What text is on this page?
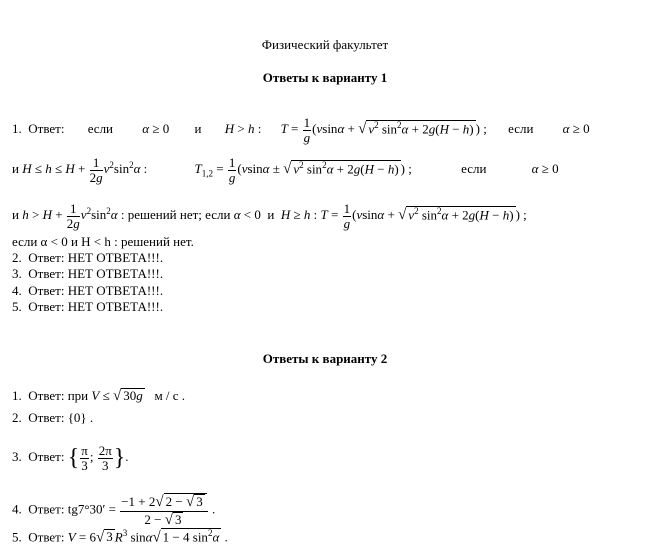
Физический факультет
Ответы к варианту 1
1. Ответ: если α ≥ 0 и H > h : $T = \frac{1}{g} (vsin\alpha$ + √ $v^2$ $\sin^2\alpha + 2g(H - h)$ ) ; если α ≥ 0
и $H \le h \le H + \frac{1}{2g} v^2\sin^2\alpha$ :	$T_{1,2} = \frac{1}{g} (vsin\alpha$ ± √ $v^2$ $\sin^2\alpha + 2g(H - h)$ ) ;	если	α ≥ 0
и $h > H + \frac{1}{2g} v^2\sin^2\alpha$ : решений нет; если α < 0  и H ≥ h : $T = \frac{1}{g} (vsin\alpha$ + √ $v^2$ $\sin^2\alpha + 2g(H - h)$ ) ;
если α < 0 и H < h : решений нет.
2. Ответ: НЕТ ОТВЕТА!!!.
3. Ответ: НЕТ ОТВЕТА!!!.
4. Ответ: НЕТ ОТВЕТА!!!.
5. Ответ: НЕТ ОТВЕТА!!!.
Ответы к варианту 2
1. Ответ: при V ≤ √ 30g м / с .
2. Ответ: {0} .
3. Ответ: { $\frac{\pi}{3}$ ; $\frac{2\pi}{3}$ }.
4. Ответ: $tg7^\circ 30' = \frac{-1 + 2√ 2 - √ 3}{2 - √ 3}$ .
5. Ответ: V = 6√ 3 $R^3$ sinα√ 1 − 4 $\sin^2\alpha$ .
